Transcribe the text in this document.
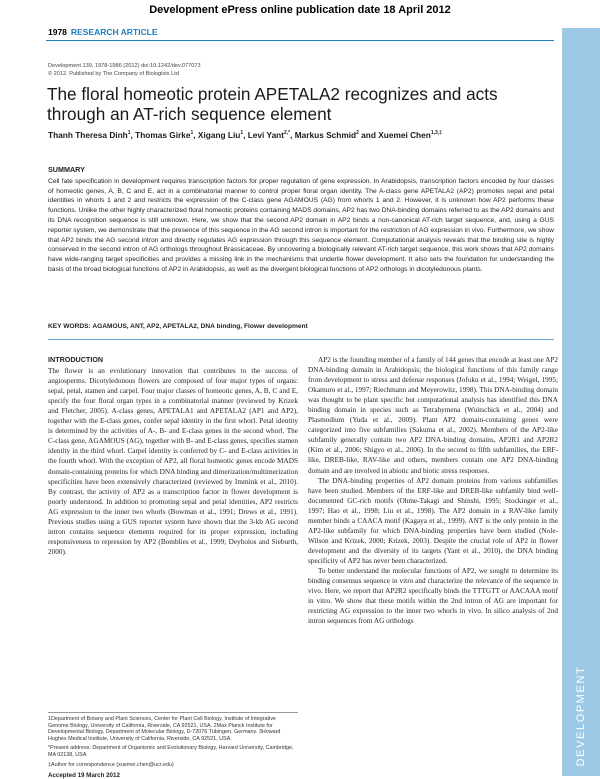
Development ePress online publication date 18 April 2012
1978 RESEARCH ARTICLE
DEVELOPMENT
Development 139, 1978-1986 (2012) doi:10.1242/dev.077073
© 2012. Published by The Company of Biologists Ltd
The floral homeotic protein APETALA2 recognizes and acts through an AT-rich sequence element
Thanh Theresa Dinh$^1$, Thomas Girke$^1$, Xigang Liu$^1$, Levi Yant$^{2,*}$, Markus Schmid$^2$ and Xuemei Chen$^{1,3,\ddagger}$
SUMMARY

Cell fate specification in development requires transcription factors for proper regulation of gene expression. In Arabidopsis, transcription factors encoded by four classes of homeotic genes, A, B, C and E, act in a combinatorial manner to control proper floral organ identity. The A-class gene APETALA2 (AP2) promotes sepal and petal identities in whorls 1 and 2 and restricts the expression of the C-class gene AGAMOUS (AG) from whorls 1 and 2. However, it is unknown how AP2 performs these functions. Unlike the other highly characterized floral homeotic proteins containing MADS domains, AP2 has two DNA-binding domains referred to as the AP2 domains and its DNA recognition sequence is still unknown. Here, we show that the second AP2 domain in AP2 binds a non-canonical AT-rich target sequence, and, using a GUS reporter system, we demonstrate that the presence of this sequence in the AG second intron is important for the restriction of AG expression in vivo. Furthermore, we show that AP2 binds the AG second intron and directly regulates AG expression through this sequence element. Computational analysis reveals that the binding site is highly conserved in the second intron of AG orthologs throughout Brassicaceae. By uncovering a biologically relevant AT-rich target sequence, this work shows that AP2 domains have wide-ranging target specificities and provides a missing link in the mechanisms that underlie flower development. It also sets the foundation for understanding the basis of the broad biological functions of AP2 in Arabidopsis, as well as the divergent biological functions of AP2 orthologs in dicotyledonous plants.

KEY WORDS: AGAMOUS, ANT, AP2, APETALA2, DNA binding, Flower development
INTRODUCTION

The flower is an evolutionary innovation that contributes to the success of angiosperms. Dicotyledonous flowers are composed of four major types of organs: sepal, petal, stamen and carpel. Four major classes of homeotic genes, A, B, C and E, specify the four floral organ types in a combinatorial manner (reviewed by Krizek and Fletcher, 2005). A-class genes, APETALA1 and APETALA2 (AP1 and AP2), together with the E-class genes, confer sepal identity in the first whorl. Petal identity is determined by the activities of A-, B- and E-class genes in the second whorl. The C-class gene, AGAMOUS (AG), together with B- and E-class genes, specifies stamen identity in the third whorl. Carpel identity is conferred by C- and E-class activities in the fourth whorl. With the exception of AP2, all floral homeotic genes encode MADS domain-containing proteins for which DNA binding and dimerization/multimerization specificities have been extensively characterized (reviewed by Immink et al., 2010). By contrast, the activity of AP2 as a transcription factor in flower development is poorly understood. In addition to promoting sepal and petal identities, AP2 restricts AG expression to the inner two whorls (Bowman et al., 1991; Drews et al., 1991). Previous studies using a GUS reporter system have shown that the 3-kb AG second intron contains sequence elements required for its proper expression, including responsiveness to repression by AP2 (Bomblies et al., 1999; Deyholos and Sieburth, 2000).

AP2 is the founding member of a family of 144 genes that encode at least one AP2 DNA-binding domain in Arabidopsis; the biological functions of this family range from development to stress and defense responses (Jofuku et al., 1994; Weigel, 1995; Okamuro et al., 1997; Riechmann and Meyerowitz, 1998). This DNA-binding domain was thought to be plant specific but computational analysis has identified this DNA binding domain in species such as Tetrahymena (Wuitschick et al., 2004) and Plasmodium (Yuda et al., 2009). Plant AP2 domain-containing genes were categorized into five subfamilies (Sakuma et al., 2002). Members of the AP2-like subfamily generally contain two AP2 DNA-binding domains, AP2R1 and AP2R2 (Kim et al., 2006; Shigyo et al., 2006). In the second to fifth subfamilies, the ERF-like, DREB-like, RAV-like and others, members contain one AP2 DNA-binding domain and are involved in abiotic and biotic stress responses.

The DNA-binding properties of AP2 domain proteins from various subfamilies have been studied. Members of the ERF-like and DREB-like subfamily bind well-documented GC-rich motifs (Ohme-Takagi and Shinshi, 1995; Stockinger et al., 1997; Hao et al., 1998; Liu et al., 1998). The AP2 domain in a RAV-like family member binds a CAACA motif (Kagaya et al., 1999). ANT is the only protein in the AP2-like subfamily for which DNA-binding properties have been studied (Nole-Wilson and Krizek, 2000; Krizek, 2003). Despite the crucial role of AP2 in flower development and the diversity of its targets (Yant et al., 2010), the DNA binding specificity of AP2 has never been characterized.

To better understand the molecular functions of AP2, we sought to determine its binding consensus sequence in vitro and characterize the relevance of the sequence in vivo. Here, we report that AP2R2 specifically binds the TTTGTT or AACAAA motif in vitro. We show that these motifs within the 2nd intron of AG are important for restricting AG expression to the inner two whorls in vivo. In silico analysis of 2nd intron sequences from AG orthologs

1Department of Botany and Plant Sciences, Center for Plant Cell Biology, Institute of Integrative Genome Biology, University of California, Riverside, CA 92521, USA. 2Max Planck Institute for Developmental Biology, Department of Molecular Biology, D-72076 Tübingen, Germany. 3Howard Hughes Medical Institute, University of California, Riverside, CA 92521, USA.

*Present address: Department of Organismic and Evolutionary Biology, Harvard University, Cambridge, MA 02138, USA

‡Author for correspondence (xuemei.chen@ucr.edu)

Accepted 19 March 2012
